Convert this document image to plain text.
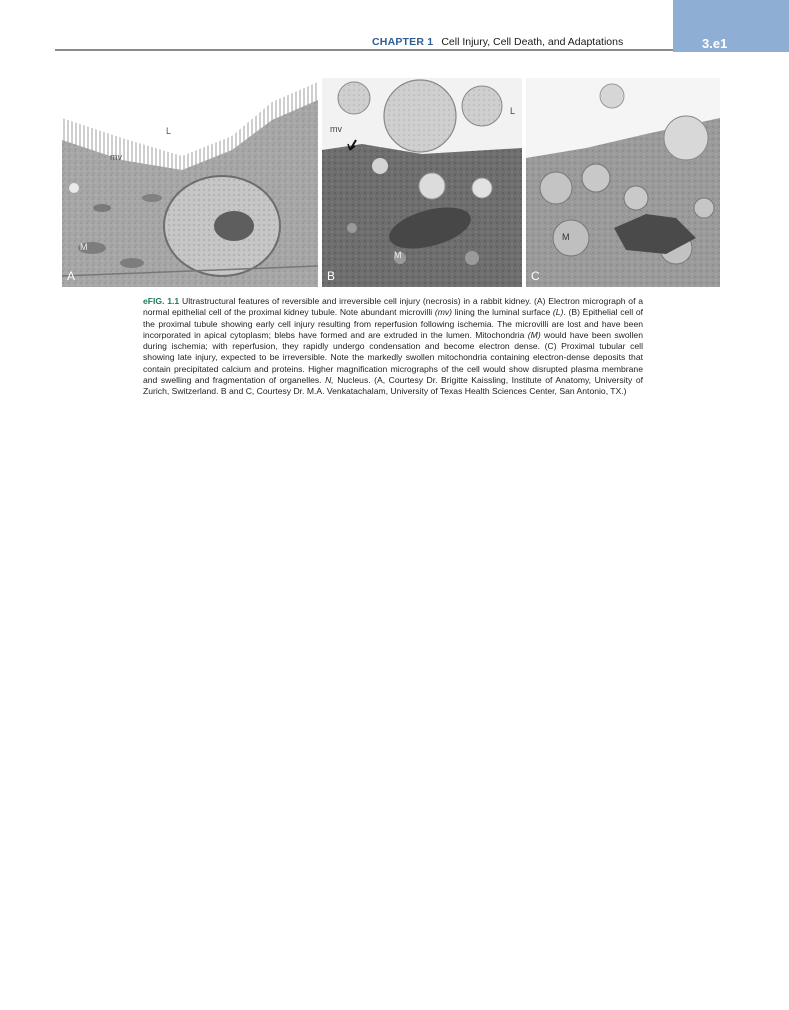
CHAPTER 1 Cell Injury, Cell Death, and Adaptations	3.e1
L
mv
M
A
mv
L
M
B
M
C
eFIG. 1.1 Ultrastructural features of reversible and irreversible cell injury (necrosis) in a rabbit kidney. (A) Electron micrograph of a normal epithelial cell of the proximal kidney tubule. Note abundant microvilli (mv) lining the luminal surface (L). (B) Epithelial cell of the proximal tubule showing early cell injury resulting from reperfusion following ischemia. The microvilli are lost and have been incorporated in apical cytoplasm; blebs have formed and are extruded in the lumen. Mitochondria (M) would have been swollen during ischemia; with reperfusion, they rapidly undergo condensation and become electron dense. (C) Proximal tubular cell showing late injury, expected to be irreversible. Note the markedly swollen mitochondria containing electron-dense deposits that contain precipitated calcium and proteins. Higher magnification micrographs of the cell would show disrupted plasma membrane and swelling and fragmentation of organelles. N, Nucleus. (A, Courtesy Dr. Brigitte Kaissling, Institute of Anatomy, University of Zurich, Switzerland. B and C, Courtesy Dr. M.A. Venkatachalam, University of Texas Health Sciences Center, San Antonio, TX.)
